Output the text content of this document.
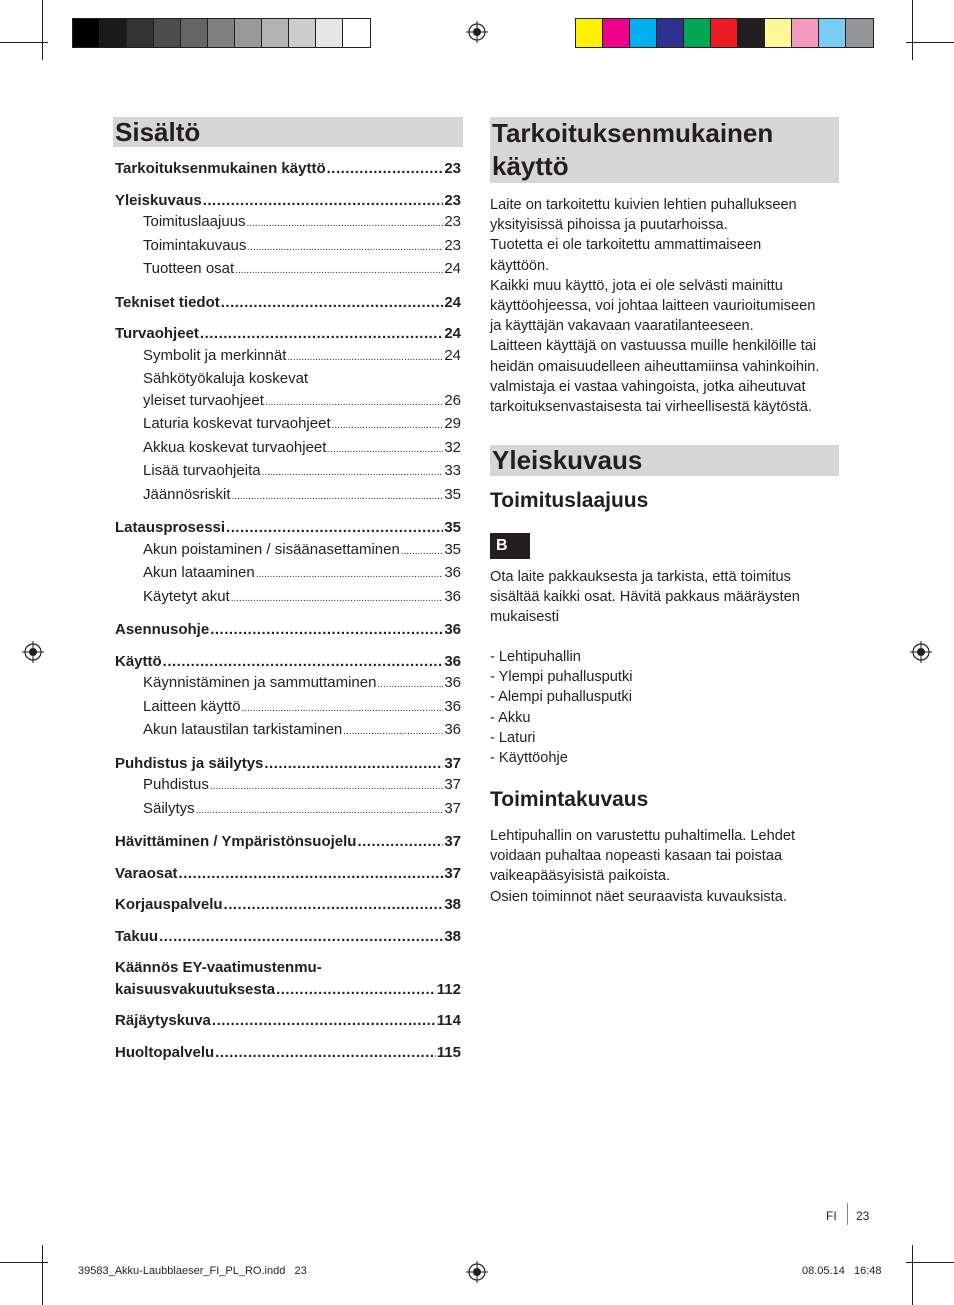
Sisältö
Tarkoituksenmukainen käyttö .....	23
Yleiskuvaus .....	23
Toimituslaajuus .....	23
Toimintakuvaus .....	23
Tuotteen osat .....	24
Tekniset tiedot .....	24
Turvaohjeet .....	24
Symbolit ja merkinnät .....	24
Sähkötyökaluja koskevat
yleiset turvaohjeet .....	26
Laturia koskevat turvaohjeet .....	29
Akkua koskevat turvaohjeet .....	32
Lisää turvaohjeita .....	33
Jäännösriskit .....	35
Latausprosessi .....	35
Akun poistaminen / sisäänasettaminen .....	35
Akun lataaminen .....	36
Käytetyt akut .....	36
Asennusohje .....	36
Käyttö .....	36
Käynnistäminen ja sammuttaminen .....	36
Laitteen käyttö .....	36
Akun lataustilan tarkistaminen .....	36
Puhdistus ja säilytys .....	37
Puhdistus .....	37
Säilytys .....	37
Hävittäminen / Ympäristönsuojelu .....	37
Varaosat .....	37
Korjauspalvelu .....	38
Takuu .....	38
Käännös EY-vaatimustenmu-
kaisuusvakuutuksesta .....	112
Räjäytyskuva .....	114
Huoltopalvelu .....	115
Tarkoituksenmukainen
käyttö
Laite on tarkoitettu kuivien lehtien puhallukseen
yksityisissä pihoissa ja puutarhoissa.
Tuotetta ei ole tarkoitettu ammattimaiseen
käyttöön.
Kaikki muu käyttö, jota ei ole selvästi mainittu
käyttöohjeessa, voi johtaa laitteen vaurioitumiseen
ja käyttäjän vakavaan vaaratilanteeseen.
Laitteen käyttäjä on vastuussa muille henkilöille tai
heidän omaisuudelleen aiheuttamiinsa vahinkoihin.
valmistaja ei vastaa vahingoista, jotka aiheutuvat
tarkoituksenvastaisesta tai virheellisestä käytöstä.
Yleiskuvaus
Toimituslaajuus
B
Ota laite pakkauksesta ja tarkista, että toimitus
sisältää kaikki osat. Hävitä pakkaus määräysten
mukaisesti
- Lehtipuhallin
- Ylempi puhallusputki
- Alempi puhallusputki
- Akku
- Laturi
- Käyttöohje
Toimintakuvaus
Lehtipuhallin on varustettu puhaltimella. Lehdet
voidaan puhaltaa nopeasti kasaan tai poistaa
vaikeapääsyisistä paikoista.
Osien toiminnot näet seuraavista kuvauksista.
FI 23
39583_Akku-Laubblaeser_FI_PL_RO.indd   23	08.05.14   16:48
